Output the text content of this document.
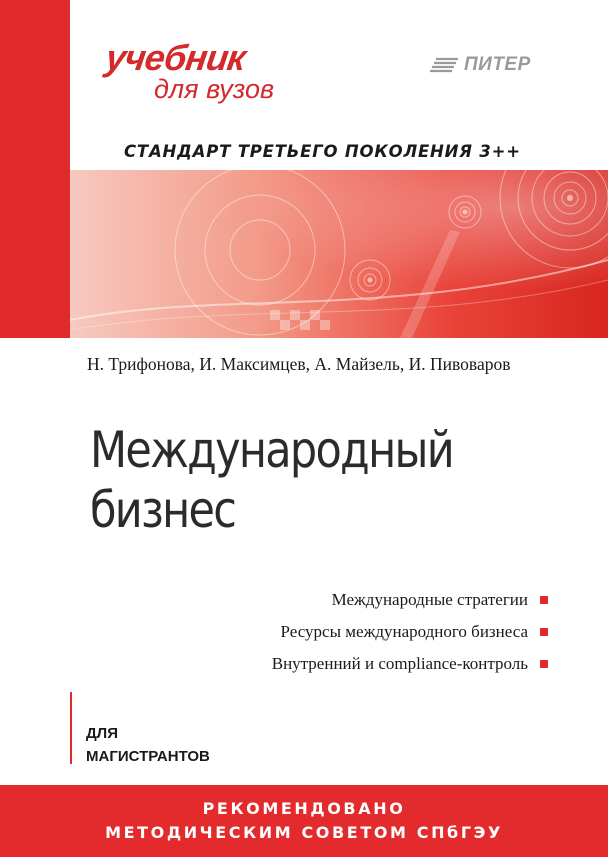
учебник
для вузов
ПИТЕР
СТАНДАРТ ТРЕТЬЕГО ПОКОЛЕНИЯ 3++
Н. Трифонова, И. Максимцев, А. Майзель, И. Пивоваров
Международный
бизнес
Международные стратегии
Ресурсы международного бизнеса
Внутренний и compliance-контроль
ДЛЯ
МАГИСТРАНТОВ
РЕКОМЕНДОВАНО
МЕТОДИЧЕСКИМ СОВЕТОМ СПбГЭУ
